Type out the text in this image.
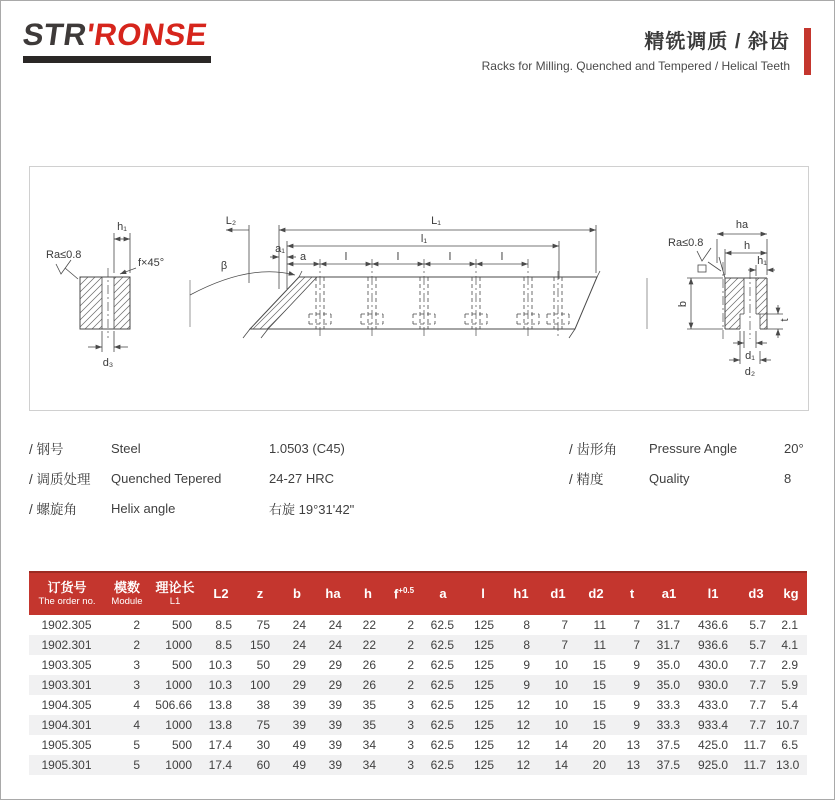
STR'RONSE	精铣调质 / 斜齿
Racks for Milling. Quenched and Tempered / Helical Teeth
h₁
f×45°
Ra≤0.8
d₃
L₂	L₁
l₁
a₁
a	l	l	l	l
β
ha
h
h₁
Ra≤0.8
b
t
d₁
d₂
/ 钢号	Steel	1.0503 (C45)
/ 调质处理	Quenched Tepered	24-27 HRC
/ 螺旋角	Helix angle	右旋 19°31'42"
/ 齿形角	Pressure Angle	20°
/ 精度	Quality	8
订货号
The order no.

模数
Module

理论长
L1
	L2	z	b	ha	h	$f^{+0.5}$	a	l	h1	d1	d2	t	a1	l1	d3	kg
1902.305	2	500	8.5	75	24	24	22	2	62.5	125	8	7	11	7	31.7	436.6	5.7	2.1
1902.301	2	1000	8.5	150	24	24	22	2	62.5	125	8	7	11	7	31.7	936.6	5.7	4.1
1903.305	3	500	10.3	50	29	29	26	2	62.5	125	9	10	15	9	35.0	430.0	7.7	2.9
1903.301	3	1000	10.3	100	29	29	26	2	62.5	125	9	10	15	9	35.0	930.0	7.7	5.9
1904.305	4	506.66	13.8	38	39	39	35	3	62.5	125	12	10	15	9	33.3	433.0	7.7	5.4
1904.301	4	1000	13.8	75	39	39	35	3	62.5	125	12	10	15	9	33.3	933.4	7.7	10.7
1905.305	5	500	17.4	30	49	39	34	3	62.5	125	12	14	20	13	37.5	425.0	11.7	6.5
1905.301	5	1000	17.4	60	49	39	34	3	62.5	125	12	14	20	13	37.5	925.0	11.7	13.0
